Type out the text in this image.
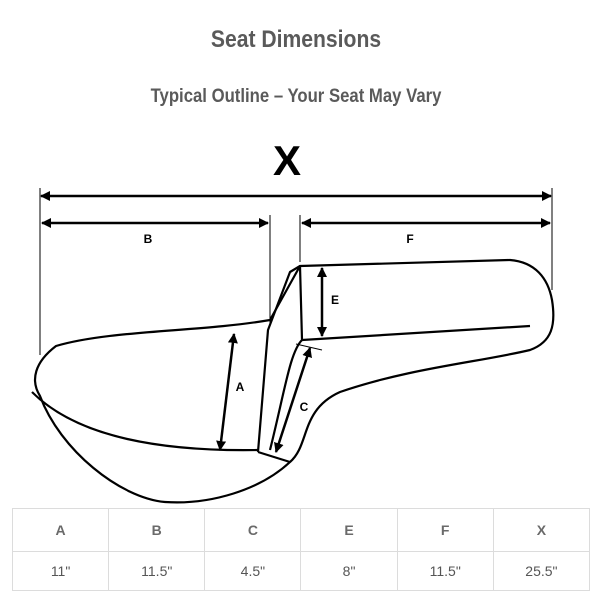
Seat Dimensions
Typical Outline – Your Seat May Vary
X
B	F
E
A
C
A	B	C	E	F	X
11"	11.5"	4.5"	8"	11.5"	25.5"
